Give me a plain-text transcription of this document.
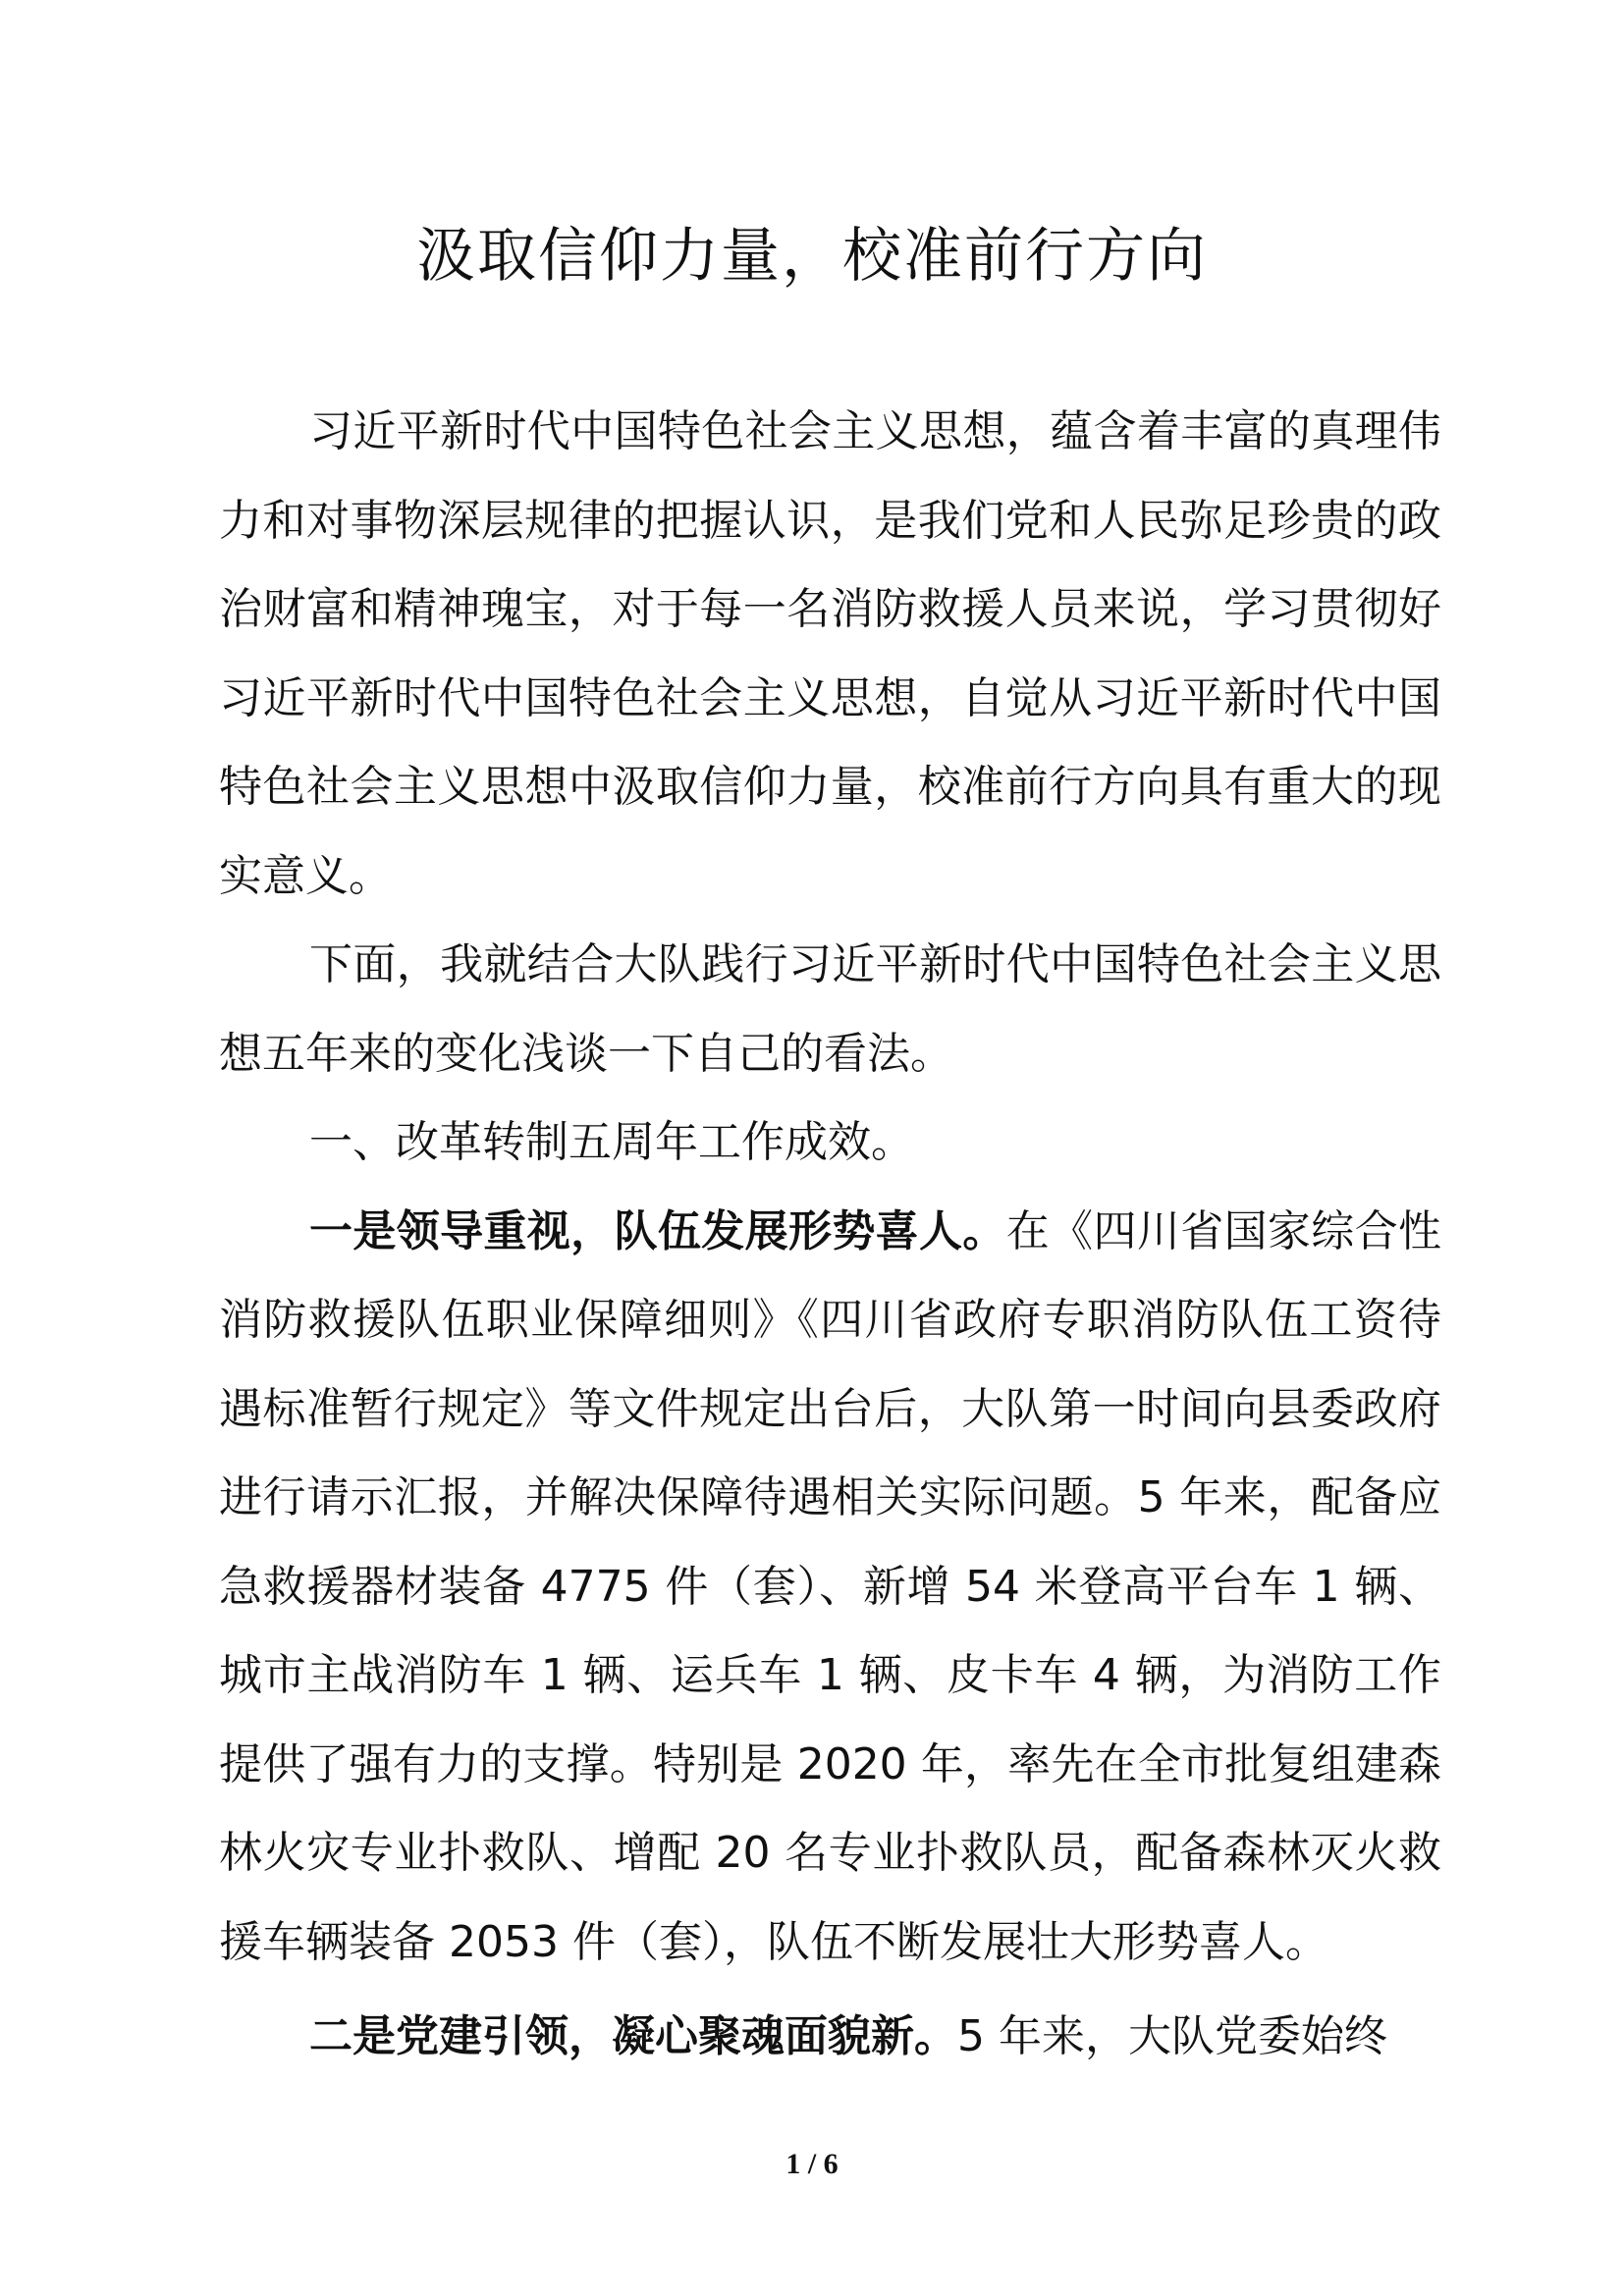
汲取信仰力量，校准前行方向

习近平新时代中国特色社会主义思想，蕴含着丰富的真理伟力和对事物深层规律的把握认识，是我们党和人民弥足珍贵的政治财富和精神瑰宝，对于每一名消防救援人员来说，学习贯彻好习近平新时代中国特色社会主义思想，自觉从习近平新时代中国特色社会主义思想中汲取信仰力量，校准前行方向具有重大的现实意义。

下面，我就结合大队践行习近平新时代中国特色社会主义思想五年来的变化浅谈一下自己的看法。

一、改革转制五周年工作成效。

一是领导重视，队伍发展形势喜人。在《四川省国家综合性消防救援队伍职业保障细则》《四川省政府专职消防队伍工资待遇标准暂行规定》等文件规定出台后，大队第一时间向县委政府进行请示汇报，并解决保障待遇相关实际问题。5 年来，配备应急救援器材装备 4775 件（套）、新增 54 米登高平台车 1 辆、城市主战消防车 1 辆、运兵车 1 辆、皮卡车 4 辆，为消防工作提供了强有力的支撑。特别是 2020 年，率先在全市批复组建森林火灾专业扑救队、增配 20 名专业扑救队员，配备森林灭火救援车辆装备 2053 件（套），队伍不断发展壮大形势喜人。

二是党建引领，凝心聚魂面貌新。5 年来，大队党委始终

1 / 6
